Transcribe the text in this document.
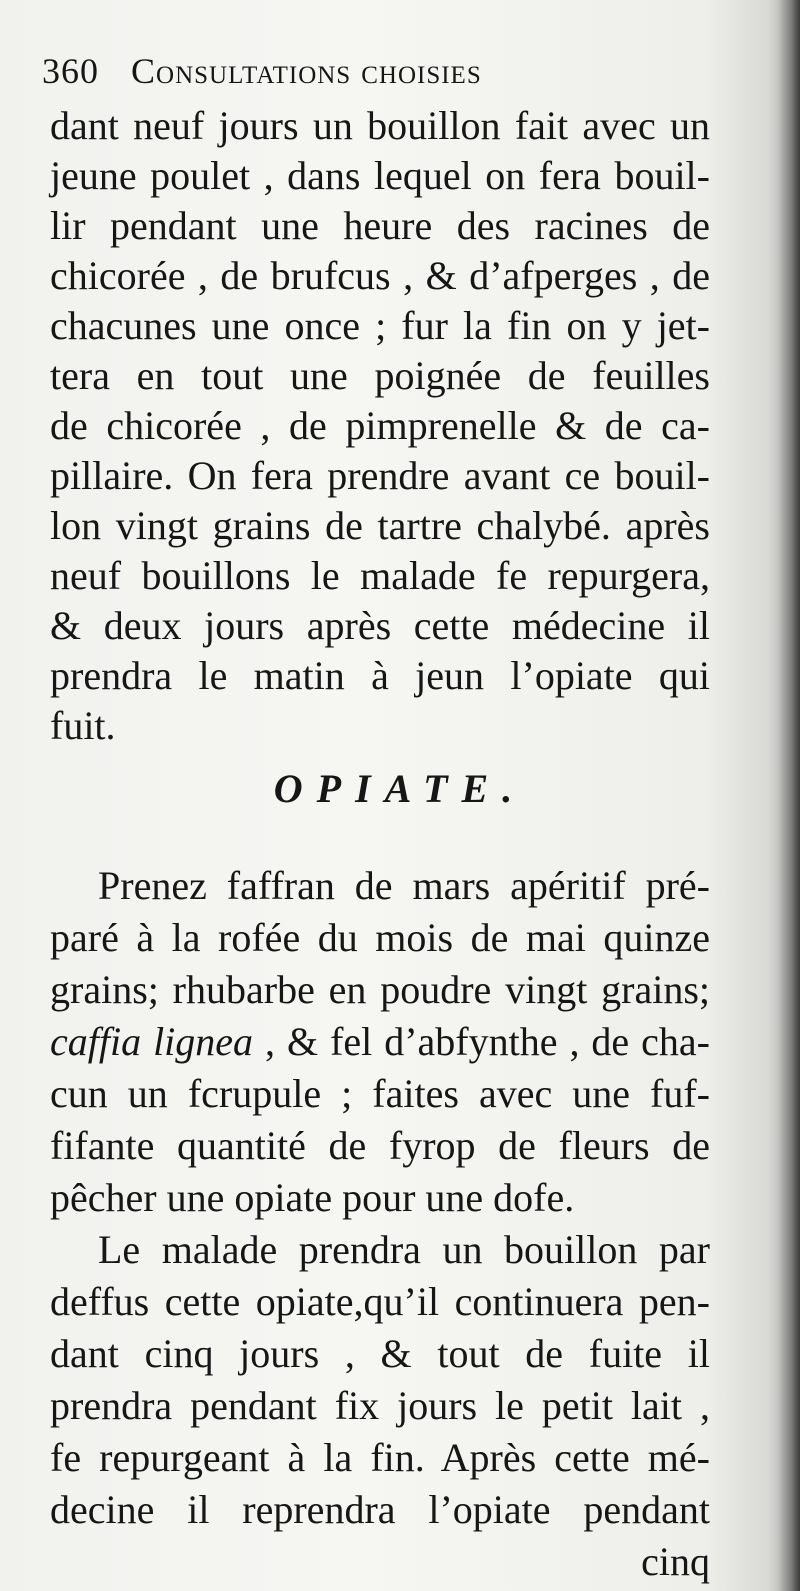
360 Consultations choisies
dant neuf jours un bouillon fait avec un
jeune poulet , dans lequel on fera bouil-
lir pendant une heure des racines de
chicorée , de brufcus , & d’afperges , de
chacunes une once ; fur la fin on y jet-
tera en tout une poignée de feuilles
de chicorée , de pimprenelle & de ca-
pillaire. On fera prendre avant ce bouil-
lon vingt grains de tartre chalybé. après
neuf bouillons le malade fe repurgera,
& deux jours après cette médecine il
prendra le matin à jeun l’opiate qui
fuit.
OPIATE.
Prenez faffran de mars apéritif pré-
paré à la rofée du mois de mai quinze
grains; rhubarbe en poudre vingt grains;
caffia lignea , & fel d’abfynthe , de cha-
cun un fcrupule ; faites avec une fuf-
fifante quantité de fyrop de fleurs de
pêcher une opiate pour une dofe.
Le malade prendra un bouillon par
deffus cette opiate,qu’il continuera pen-
dant cinq jours , & tout de fuite il
prendra pendant fix jours le petit lait ,
fe repurgeant à la fin. Après cette mé-
decine il reprendra l’opiate pendant
cinq
